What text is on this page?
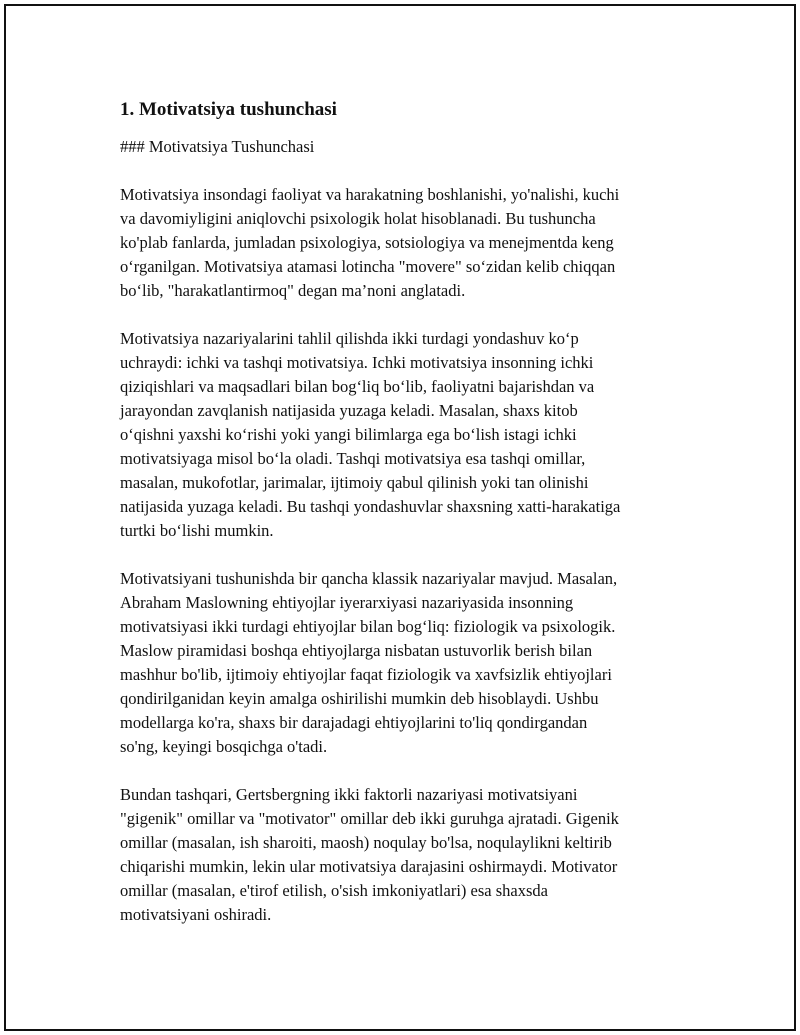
1. Motivatsiya tushunchasi
### Motivatsiya Tushunchasi
Motivatsiya insondagi faoliyat va harakatning boshlanishi, yo'nalishi, kuchi
va davomiyligini aniqlovchi psixologik holat hisoblanadi. Bu tushuncha
ko'plab fanlarda, jumladan psixologiya, sotsiologiya va menejmentda keng
o‘rganilgan. Motivatsiya atamasi lotincha "movere" so‘zidan kelib chiqqan
bo‘lib, "harakatlantirmoq" degan ma’noni anglatadi.
Motivatsiya nazariyalarini tahlil qilishda ikki turdagi yondashuv ko‘p
uchraydi: ichki va tashqi motivatsiya. Ichki motivatsiya insonning ichki
qiziqishlari va maqsadlari bilan bog‘liq bo‘lib, faoliyatni bajarishdan va
jarayondan zavqlanish natijasida yuzaga keladi. Masalan, shaxs kitob
o‘qishni yaxshi ko‘rishi yoki yangi bilimlarga ega bo‘lish istagi ichki
motivatsiyaga misol bo‘la oladi. Tashqi motivatsiya esa tashqi omillar,
masalan, mukofotlar, jarimalar, ijtimoiy qabul qilinish yoki tan olinishi
natijasida yuzaga keladi. Bu tashqi yondashuvlar shaxsning xatti-harakatiga
turtki bo‘lishi mumkin.
Motivatsiyani tushunishda bir qancha klassik nazariyalar mavjud. Masalan,
Abraham Maslowning ehtiyojlar iyerarxiyasi nazariyasida insonning
motivatsiyasi ikki turdagi ehtiyojlar bilan bog‘liq: fiziologik va psixologik.
Maslow piramidasi boshqa ehtiyojlarga nisbatan ustuvorlik berish bilan
mashhur bo'lib, ijtimoiy ehtiyojlar faqat fiziologik va xavfsizlik ehtiyojlari
qondirilganidan keyin amalga oshirilishi mumkin deb hisoblaydi. Ushbu
modellarga ko'ra, shaxs bir darajadagi ehtiyojlarini to'liq qondirgandan
so'ng, keyingi bosqichga o'tadi.
Bundan tashqari, Gertsbergning ikki faktorli nazariyasi motivatsiyani
"gigenik" omillar va "motivator" omillar deb ikki guruhga ajratadi. Gigenik
omillar (masalan, ish sharoiti, maosh) noqulay bo'lsa, noqulaylikni keltirib
chiqarishi mumkin, lekin ular motivatsiya darajasini oshirmaydi. Motivator
omillar (masalan, e'tirof etilish, o'sish imkoniyatlari) esa shaxsda
motivatsiyani oshiradi.
